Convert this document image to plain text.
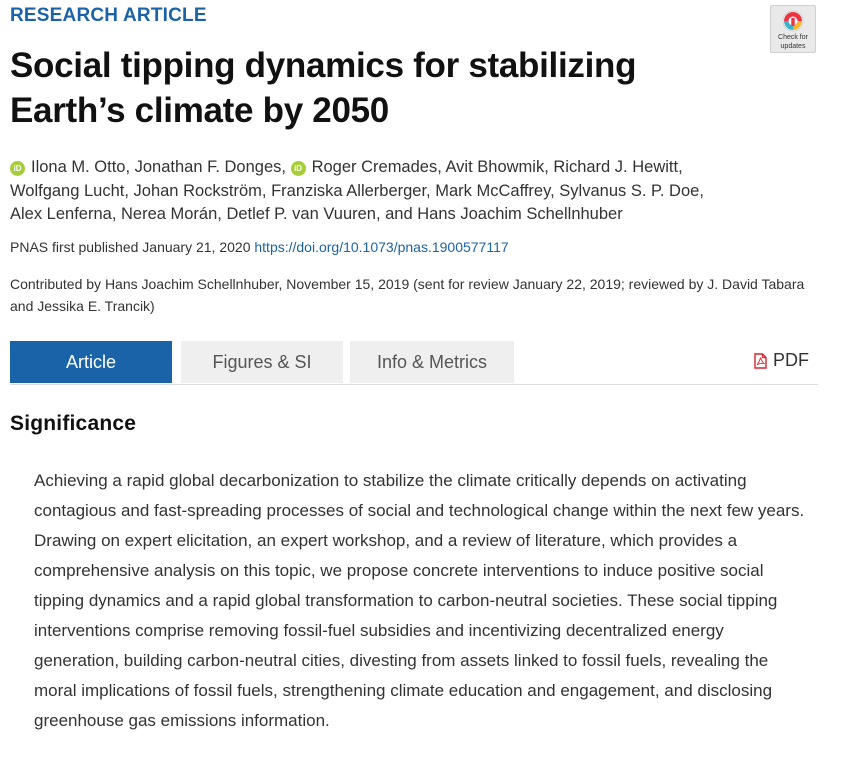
RESEARCH ARTICLE
Check for
updates
Social tipping dynamics for stabilizing
Earth’s climate by 2050
iD Ilona M. Otto, Jonathan F. Donges, iD Roger Cremades, Avit Bhowmik, Richard J. Hewitt,
Wolfgang Lucht, Johan Rockström, Franziska Allerberger, Mark McCaffrey, Sylvanus S. P. Doe,
Alex Lenferna, Nerea Morán, Detlef P. van Vuuren, and Hans Joachim Schellnhuber
PNAS first published January 21, 2020 https://doi.org/10.1073/pnas.1900577117
Contributed by Hans Joachim Schellnhuber, November 15, 2019 (sent for review January 22, 2019; reviewed by J. David Tabara and Jessika E. Trancik)
Article	Figures & SI	Info & Metrics	PDF
Significance

Achieving a rapid global decarbonization to stabilize the climate critically depends on activating contagious and fast-spreading processes of social and technological change within the next few years. Drawing on expert elicitation, an expert workshop, and a review of literature, which provides a comprehensive analysis on this topic, we propose concrete interventions to induce positive social tipping dynamics and a rapid global transformation to carbon-neutral societies. These social tipping interventions comprise removing fossil-fuel subsidies and incentivizing decentralized energy generation, building carbon-neutral cities, divesting from assets linked to fossil fuels, revealing the moral implications of fossil fuels, strengthening climate education and engagement, and disclosing greenhouse gas emissions information.
